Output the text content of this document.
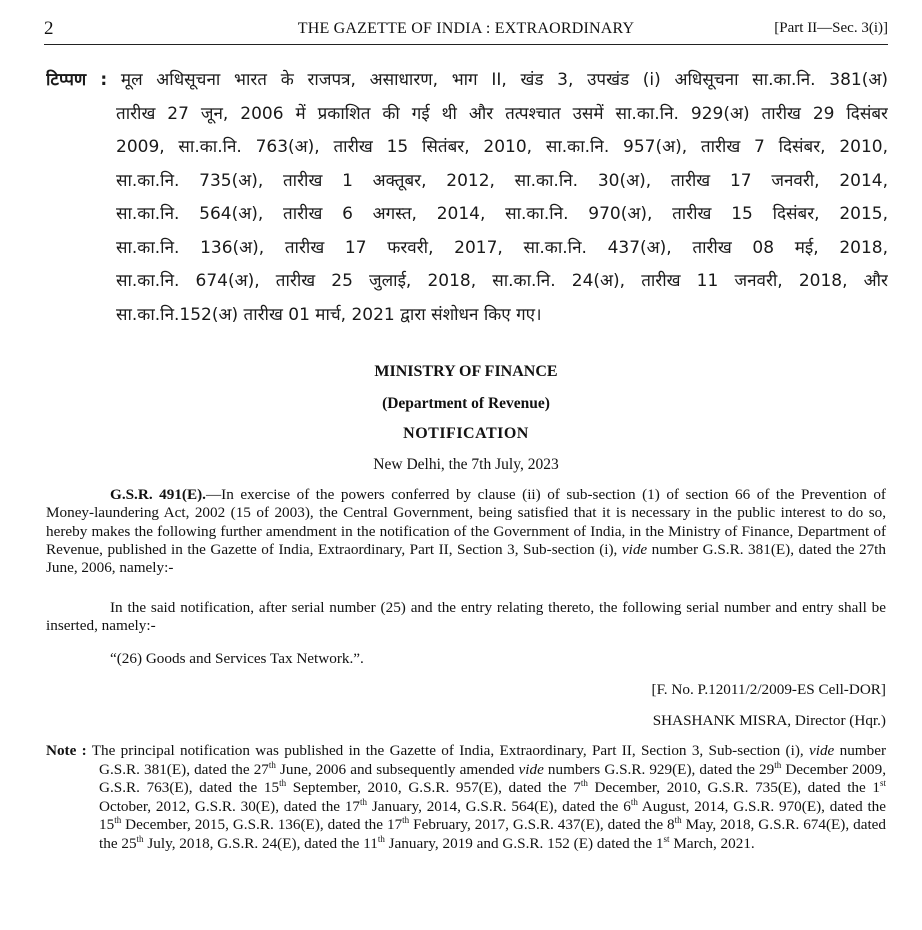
2	THE GAZETTE OF INDIA : EXTRAORDINARY	[Part II—Sec. 3(i)]
टिप्पण : मूल अधिसूचना भारत के राजपत्र, असाधारण, भाग II, खंड 3, उपखंड (i) अधिसूचना सा.का.नि. 381(अ)
तारीख 27 जून, 2006 में प्रकाशित की गई थी और तत्पश्चात उसमें सा.का.नि. 929(अ) तारीख 29 दिसंबर
2009, सा.का.नि. 763(अ), तारीख 15 सितंबर, 2010, सा.का.नि. 957(अ), तारीख 7 दिसंबर, 2010,
सा.का.नि. 735(अ), तारीख 1 अक्तूबर, 2012, सा.का.नि. 30(अ), तारीख 17 जनवरी, 2014,
सा.का.नि. 564(अ), तारीख 6 अगस्त, 2014, सा.का.नि. 970(अ), तारीख 15 दिसंबर, 2015,
सा.का.नि. 136(अ), तारीख 17 फरवरी, 2017, सा.का.नि. 437(अ), तारीख 08 मई, 2018,
सा.का.नि. 674(अ), तारीख 25 जुलाई, 2018, सा.का.नि. 24(अ), तारीख 11 जनवरी, 2018, और
सा.का.नि.152(अ) तारीख 01 मार्च, 2021 द्वारा संशोधन किए गए।
MINISTRY OF FINANCE
(Department of Revenue)
NOTIFICATION
New Delhi, the 7th July, 2023
G.S.R. 491(E).—In exercise of the powers conferred by clause (ii) of sub-section (1) of section 66 of the Prevention of Money-laundering Act, 2002 (15 of 2003), the Central Government, being satisfied that it is necessary in the public interest to do so, hereby makes the following further amendment in the notification of the Government of India, in the Ministry of Finance, Department of Revenue, published in the Gazette of India, Extraordinary, Part II, Section 3, Sub-section (i), vide number G.S.R. 381(E), dated the 27th June, 2006, namely:-
In the said notification, after serial number (25) and the entry relating thereto, the following serial number and entry shall be inserted, namely:-
“(26) Goods and Services Tax Network.”.
[F. No. P.12011/2/2009-ES Cell-DOR]
SHASHANK MISRA, Director (Hqr.)
Note : The principal notification was published in the Gazette of India, Extraordinary, Part II, Section 3, Sub-section (i), vide number G.S.R. 381(E), dated the 27th June, 2006 and subsequently amended vide numbers G.S.R. 929(E), dated the 29th December 2009, G.S.R. 763(E), dated the 15th September, 2010, G.S.R. 957(E), dated the 7th December, 2010, G.S.R. 735(E), dated the 1st October, 2012, G.S.R. 30(E), dated the 17th January, 2014, G.S.R. 564(E), dated the 6th August, 2014, G.S.R. 970(E), dated the 15th December, 2015, G.S.R. 136(E), dated the 17th February, 2017, G.S.R. 437(E), dated the 8th May, 2018, G.S.R. 674(E), dated the 25th July, 2018, G.S.R. 24(E), dated the 11th January, 2019 and G.S.R. 152 (E) dated the 1st March, 2021.
